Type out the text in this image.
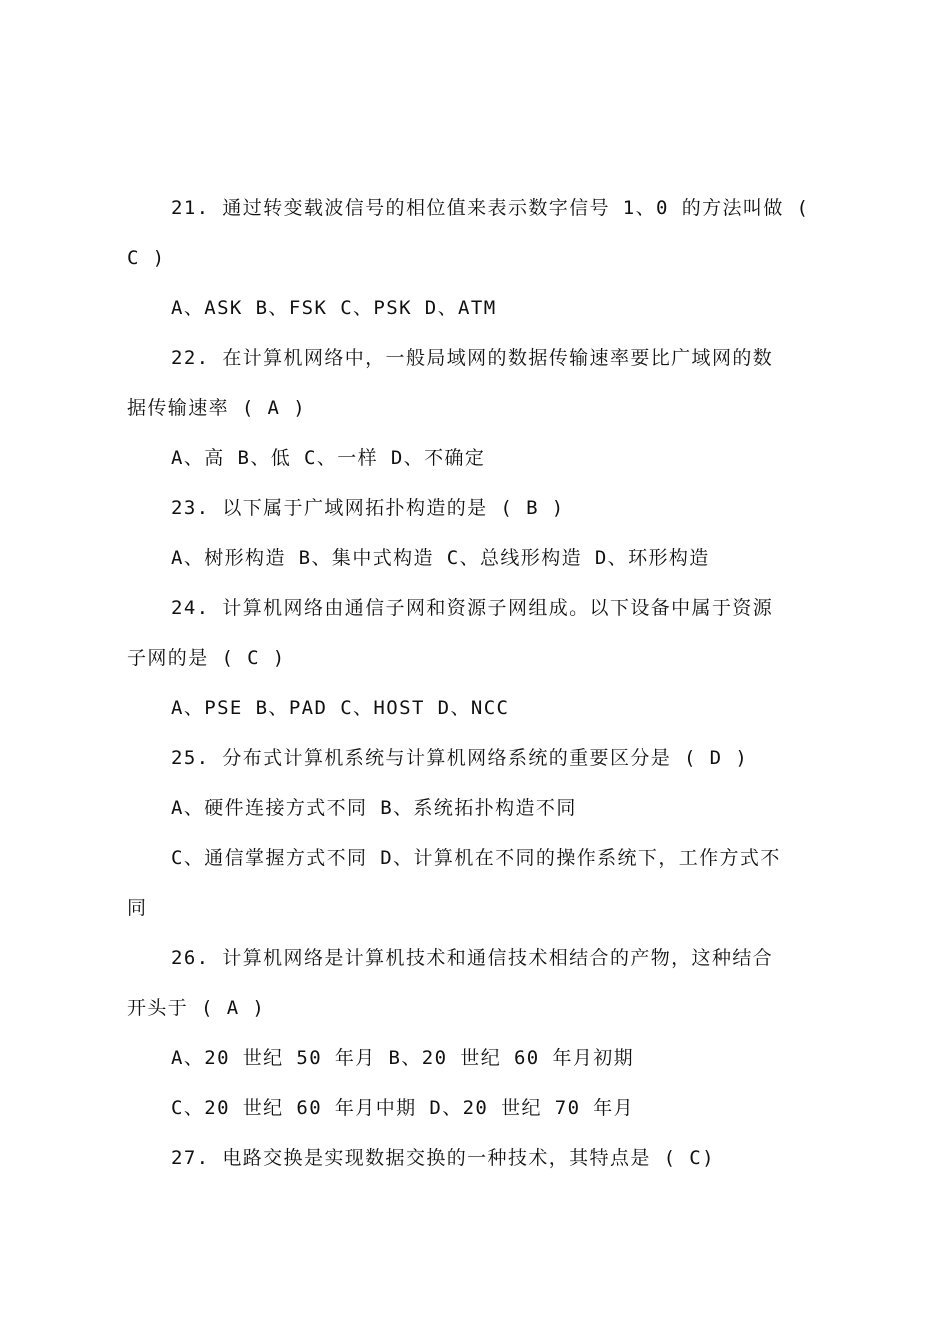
21. 通过转变载波信号的相位值来表示数字信号 1、0 的方法叫做 (
C )
A、ASK B、FSK C、PSK D、ATM
22. 在计算机网络中，一般局域网的数据传输速率要比广域网的数
据传输速率 ( A )
A、高 B、低 C、一样 D、不确定
23. 以下属于广域网拓扑构造的是 ( B )
A、树形构造 B、集中式构造 C、总线形构造 D、环形构造
24. 计算机网络由通信子网和资源子网组成。以下设备中属于资源
子网的是 ( C )
A、PSE B、PAD C、HOST D、NCC
25. 分布式计算机系统与计算机网络系统的重要区分是 ( D )
A、硬件连接方式不同 B、系统拓扑构造不同
C、通信掌握方式不同 D、计算机在不同的操作系统下，工作方式不
同
26. 计算机网络是计算机技术和通信技术相结合的产物，这种结合
开头于 ( A )
A、20 世纪 50 年月 B、20 世纪 60 年月初期
C、20 世纪 60 年月中期 D、20 世纪 70 年月
27. 电路交换是实现数据交换的一种技术，其特点是 ( C)
